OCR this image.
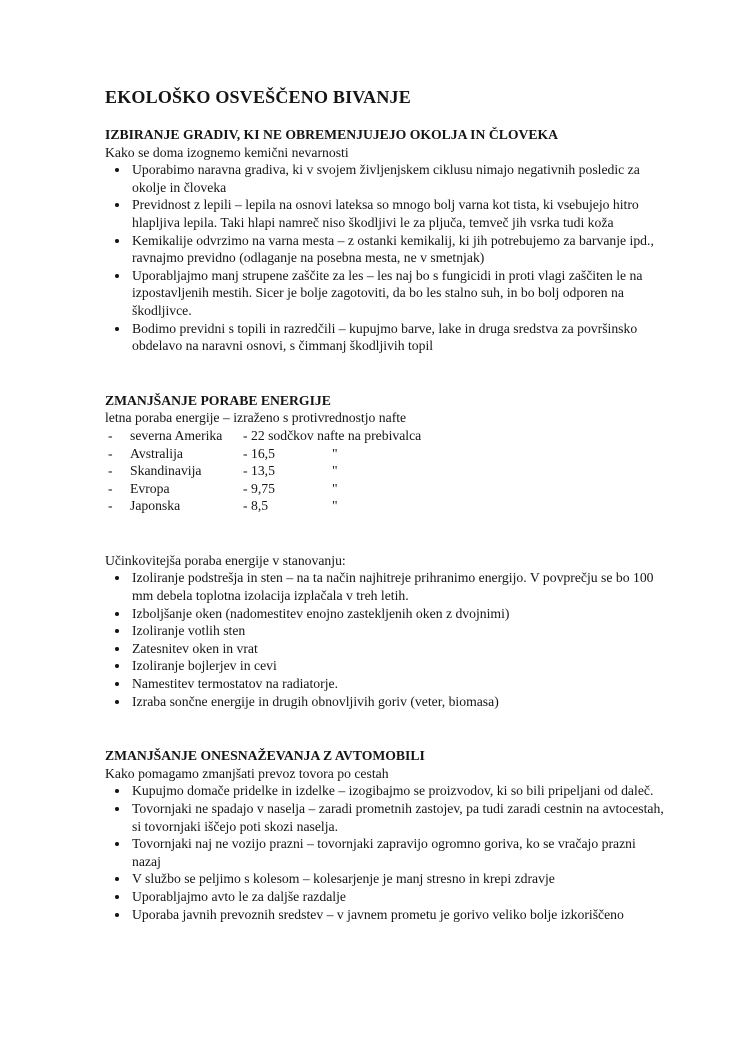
EKOLOŠKO OSVEŠČENO BIVANJE
IZBIRANJE GRADIV, KI NE OBREMENJUJEJO OKOLJA IN ČLOVEKA

Kako se doma izognemo kemični nevarnosti

• Uporabimo naravna gradiva, ki v svojem življenjskem ciklusu nimajo negativnih posledic za okolje in človeka
• Previdnost z lepili – lepila na osnovi lateksa so mnogo bolj varna kot tista, ki vsebujejo hitro hlapljiva lepila. Taki hlapi namreč niso škodljivi le za pljuča, temveč jih vsrka tudi koža
• Kemikalije odvrzimo na varna mesta – z ostanki kemikalij, ki jih potrebujemo za barvanje ipd., ravnajmo previdno (odlaganje na posebna mesta, ne v smetnjak)
• Uporabljajmo manj strupene zaščite za les – les naj bo s fungicidi in proti vlagi zaščiten le na izpostavljenih mestih. Sicer je bolje zagotoviti, da bo les stalno suh, in bo bolj odporen na škodljivce.
• Bodimo previdni s topili in razredčili – kupujmo barve, lake in druga sredstva za površinsko obdelavo na naravni osnovi, s čimmanj škodljivih topil
ZMANJŠANJE PORABE ENERGIJE

letna poraba energije – izraženo s protivrednostjo nafte

-	severna Amerika	- 22 sodčkov nafte na prebivalca
-	Avstralija	- 16,5	"
-	Skandinavija	- 13,5	"
-	Evropa	- 9,75	"
-	Japonska	- 8,5	"

Učinkovitejša poraba energije v stanovanju:

• Izoliranje podstrešja in sten – na ta način najhitreje prihranimo energijo. V povprečju se bo 100 mm debela toplotna izolacija izplačala v treh letih.
• Izboljšanje oken (nadomestitev enojno zastekljenih oken z dvojnimi)
• Izoliranje votlih sten
• Zatesnitev oken in vrat
• Izoliranje bojlerjev in cevi
• Namestitev termostatov na radiatorje.
• Izraba sončne energije in drugih obnovljivih goriv (veter, biomasa)
ZMANJŠANJE ONESNAŽEVANJA Z AVTOMOBILI

Kako pomagamo zmanjšati prevoz tovora po cestah

• Kupujmo domače pridelke in izdelke – izogibajmo se proizvodov, ki so bili pripeljani od daleč.
• Tovornjaki ne spadajo v naselja – zaradi prometnih zastojev, pa tudi zaradi cestnin na avtocestah, si tovornjaki iščejo poti skozi naselja.
• Tovornjaki naj ne vozijo prazni – tovornjaki zapravijo ogromno goriva, ko se vračajo prazni nazaj
• V službo se peljimo s kolesom – kolesarjenje je manj stresno in krepi zdravje
• Uporabljajmo avto le za daljše razdalje
• Uporaba javnih prevoznih sredstev – v javnem prometu je gorivo veliko bolje izkoriščeno
